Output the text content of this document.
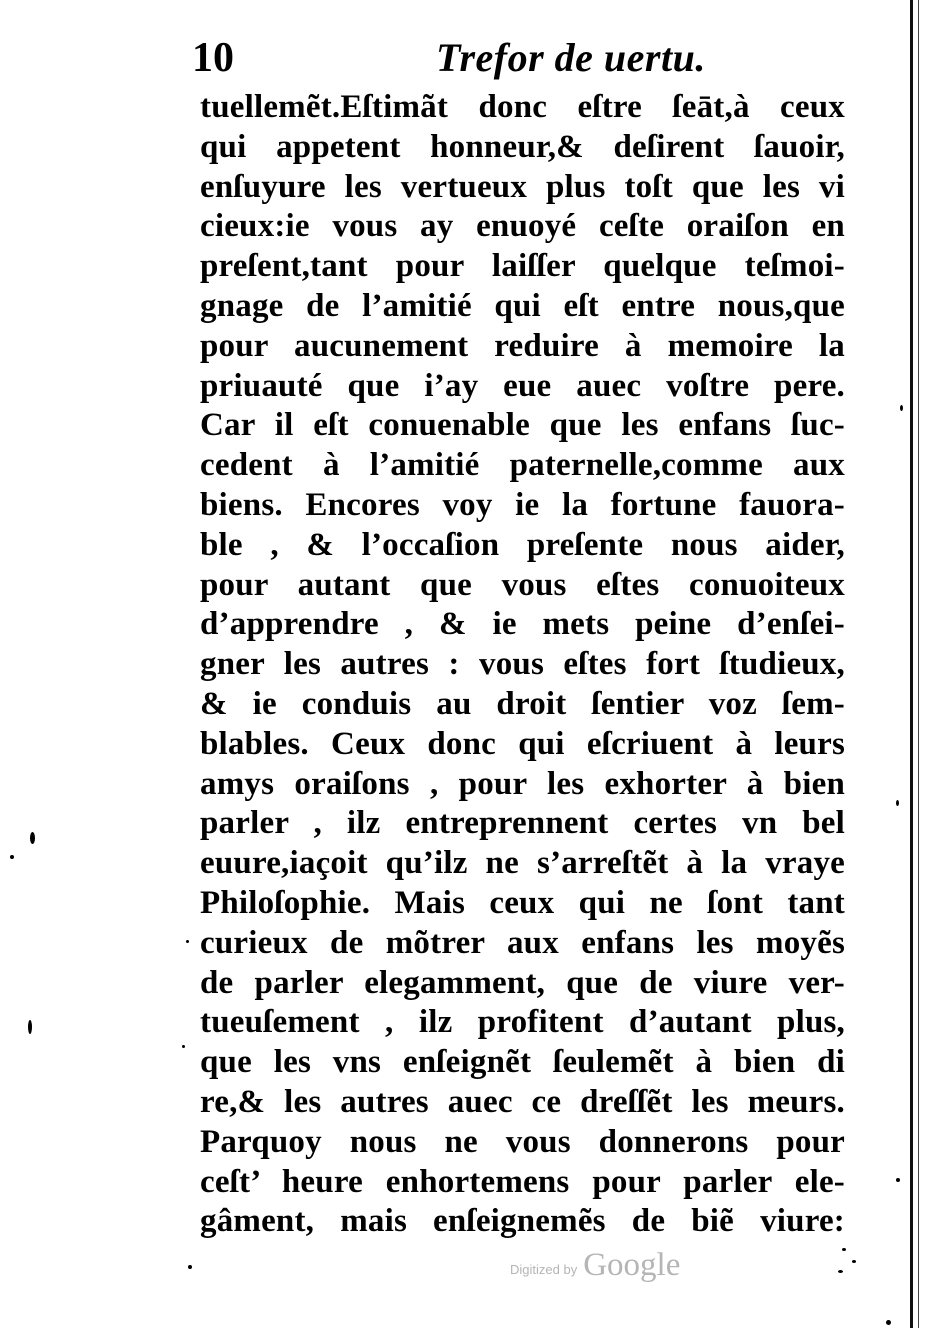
10	Trefor de uertu.
tuellemẽt.Eſtimãt donc eſtre ſeāt,à ceux
qui appetent honneur,& deſirent ſauoir,
enſuyure les vertueux plus toſt que les vi
cieux:ie vous ay enuoyé ceſte oraiſon en
preſent,tant pour laiſſer quelque teſmoi-
gnage de l’amitié qui eſt entre nous,que
pour aucunement reduire à memoire la
priuauté que i’ay eue auec voſtre pere.
Car il eſt conuenable que les enfans ſuc-
cedent à l’amitié paternelle,comme aux
biens. Encores voy ie la fortune fauora-
ble , & l’occaſion preſente nous aider,
pour autant que vous eſtes conuoiteux
d’apprendre , & ie mets peine d’enſei-
gner les autres : vous eſtes fort ſtudieux,
& ie conduis au droit ſentier voz ſem-
blables. Ceux donc qui eſcriuent à leurs
amys oraiſons , pour les exhorter à bien
parler , ilz entreprennent certes vn bel
euure,iaçoit qu’ilz ne s’arreſtẽt à la vraye
Philoſophie. Mais ceux qui ne ſont tant
curieux de mõtrer aux enfans les moyẽs
de parler elegamment, que de viure ver-
tueuſement , ilz profitent d’autant plus,
que les vns enſeignẽt ſeulemẽt à bien di
re,& les autres auec ce dreſſẽt les meurs.
Parquoy nous ne vous donnerons pour
ceſt’ heure enhortemens pour parler ele-
gâment, mais enſeignemẽs de biẽ viure:
Digitized by Google
